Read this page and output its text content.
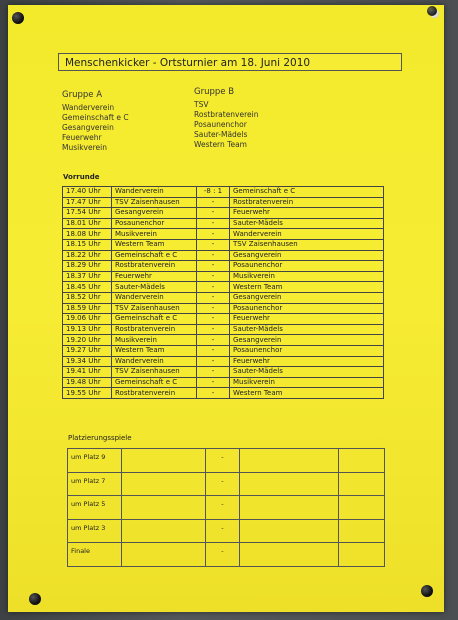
Menschenkicker - Ortsturnier am 18. Juni 2010
Gruppe A
Wanderverein
Gemeinschaft e C
Gesangverein
Feuerwehr
Musikverein
Gruppe B
TSV
Rostbratenverein
Posaunenchor
Sauter-Mädels
Western Team
Vorrunde
17.40 Uhr	Wanderverein	-8 : 1	Gemeinschaft e C
17.47 Uhr	TSV Zaisenhausen	-	Rostbratenverein
17.54 Uhr	Gesangverein	-	Feuerwehr
18.01 Uhr	Posaunenchor	-	Sauter-Mädels
18.08 Uhr	Musikverein	-	Wanderverein
18.15 Uhr	Western Team	-	TSV Zaisenhausen
18.22 Uhr	Gemeinschaft e C	-	Gesangverein
18.29 Uhr	Rostbratenverein	-	Posaunenchor
18.37 Uhr	Feuerwehr	-	Musikverein
18.45 Uhr	Sauter-Mädels	-	Western Team
18.52 Uhr	Wanderverein	-	Gesangverein
18.59 Uhr	TSV Zaisenhausen	-	Posaunenchor
19.06 Uhr	Gemeinschaft e C	-	Feuerwehr
19.13 Uhr	Rostbratenverein	-	Sauter-Mädels
19.20 Uhr	Musikverein	-	Gesangverein
19.27 Uhr	Western Team	-	Posaunenchor
19.34 Uhr	Wanderverein	-	Feuerwehr
19.41 Uhr	TSV Zaisenhausen	-	Sauter-Mädels
19.48 Uhr	Gemeinschaft e C	-	Musikverein
19.55 Uhr	Rostbratenverein	-	Western Team
Platzierungsspiele
um Platz 9		-		
um Platz 7		-		
um Platz 5		-		
um Platz 3		-		
Finale		-		
